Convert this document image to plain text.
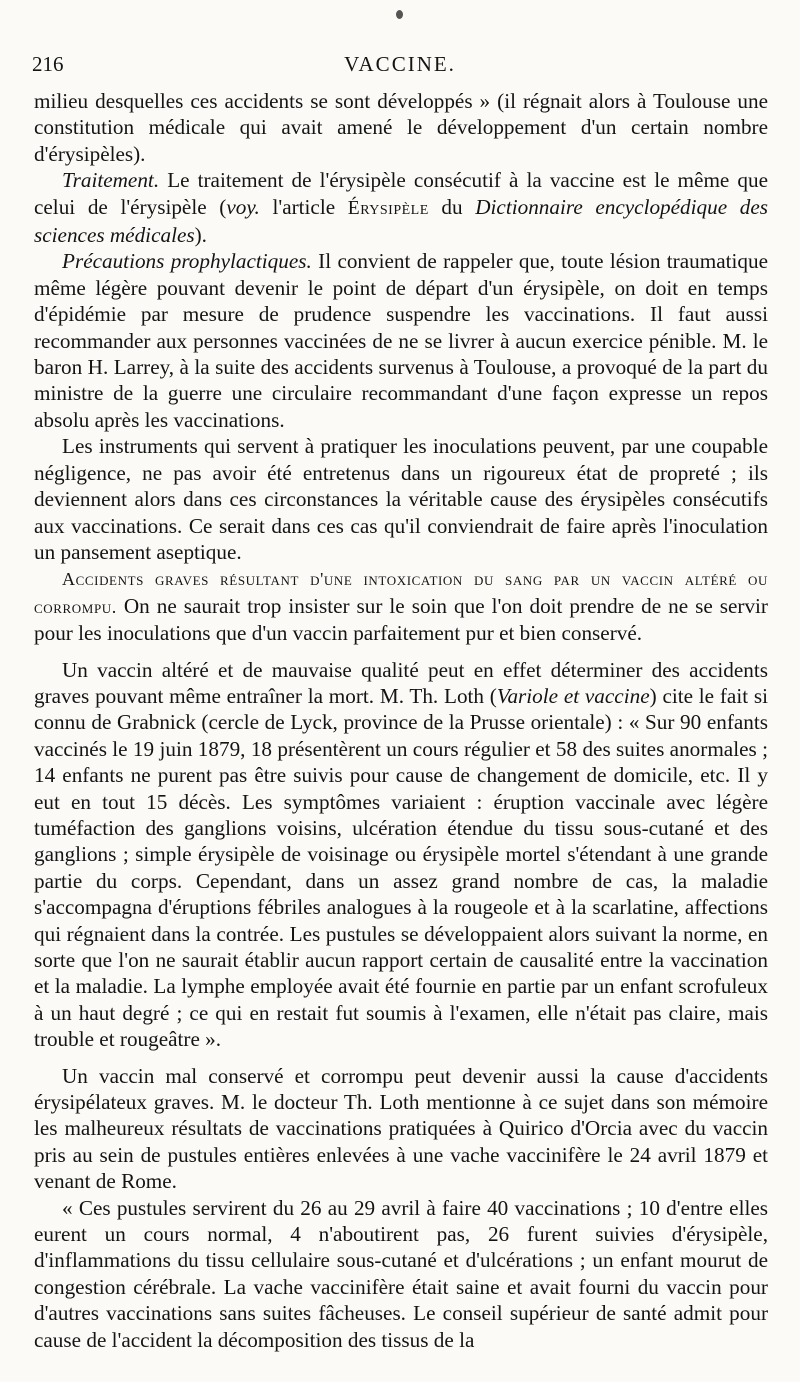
216	VACCINE.

milieu desquelles ces accidents se sont développés » (il régnait alors à Toulouse une constitution médicale qui avait amené le développement d'un certain nombre d'érysipèles).

Traitement. Le traitement de l'érysipèle consécutif à la vaccine est le même que celui de l'érysipèle (voy. l'article Érysipèle du Dictionnaire encyclopédique des sciences médicales).

Précautions prophylactiques. Il convient de rappeler que, toute lésion traumatique même légère pouvant devenir le point de départ d'un érysipèle, on doit en temps d'épidémie par mesure de prudence suspendre les vaccinations. Il faut aussi recommander aux personnes vaccinées de ne se livrer à aucun exercice pénible. M. le baron H. Larrey, à la suite des accidents survenus à Toulouse, a provoqué de la part du ministre de la guerre une circulaire recommandant d'une façon expresse un repos absolu après les vaccinations.

Les instruments qui servent à pratiquer les inoculations peuvent, par une coupable négligence, ne pas avoir été entretenus dans un rigoureux état de propreté ; ils deviennent alors dans ces circonstances la véritable cause des érysipèles consécutifs aux vaccinations. Ce serait dans ces cas qu'il conviendrait de faire après l'inoculation un pansement aseptique.

Accidents graves résultant d'une intoxication du sang par un vaccin altéré ou corrompu. On ne saurait trop insister sur le soin que l'on doit prendre de ne se servir pour les inoculations que d'un vaccin parfaitement pur et bien conservé.

Un vaccin altéré et de mauvaise qualité peut en effet déterminer des accidents graves pouvant même entraîner la mort. M. Th. Loth (Variole et vaccine) cite le fait si connu de Grabnick (cercle de Lyck, province de la Prusse orientale) : « Sur 90 enfants vaccinés le 19 juin 1879, 18 présentèrent un cours régulier et 58 des suites anormales ; 14 enfants ne purent pas être suivis pour cause de changement de domicile, etc. Il y eut en tout 15 décès. Les symptômes variaient : éruption vaccinale avec légère tuméfaction des ganglions voisins, ulcération étendue du tissu sous-cutané et des ganglions ; simple érysipèle de voisinage ou érysipèle mortel s'étendant à une grande partie du corps. Cependant, dans un assez grand nombre de cas, la maladie s'accompagna d'éruptions fébriles analogues à la rougeole et à la scarlatine, affections qui régnaient dans la contrée. Les pustules se développaient alors suivant la norme, en sorte que l'on ne saurait établir aucun rapport certain de causalité entre la vaccination et la maladie. La lymphe employée avait été fournie en partie par un enfant scrofuleux à un haut degré ; ce qui en restait fut soumis à l'examen, elle n'était pas claire, mais trouble et rougeâtre ».

Un vaccin mal conservé et corrompu peut devenir aussi la cause d'accidents érysipélateux graves. M. le docteur Th. Loth mentionne à ce sujet dans son mémoire les malheureux résultats de vaccinations pratiquées à Quirico d'Orcia avec du vaccin pris au sein de pustules entières enlevées à une vache vaccinifère le 24 avril 1879 et venant de Rome.

« Ces pustules servirent du 26 au 29 avril à faire 40 vaccinations ; 10 d'entre elles eurent un cours normal, 4 n'aboutirent pas, 26 furent suivies d'érysipèle, d'inflammations du tissu cellulaire sous-cutané et d'ulcérations ; un enfant mourut de congestion cérébrale. La vache vaccinifère était saine et avait fourni du vaccin pour d'autres vaccinations sans suites fâcheuses. Le conseil supérieur de santé admit pour cause de l'accident la décomposition des tissus de la
